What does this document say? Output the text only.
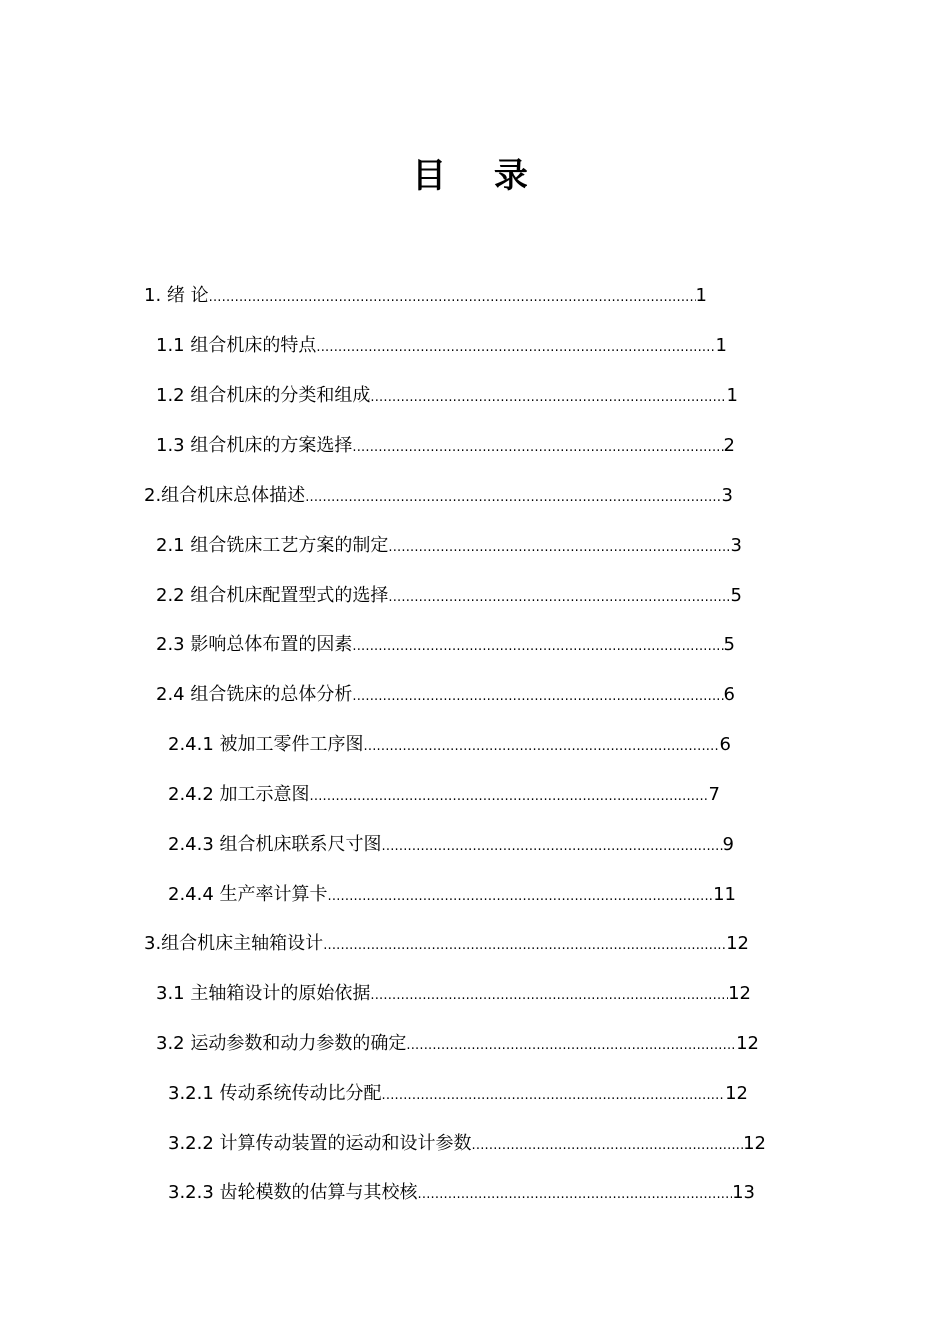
目 录
1. 绪 论 .....	1
1.1 组合机床的特点 .....	1
1.2 组合机床的分类和组成 .....	1
1.3 组合机床的方案选择 .....	2
2.组合机床总体描述 .....	3
2.1 组合铣床工艺方案的制定 .....	3
2.2 组合机床配置型式的选择 .....	5
2.3 影响总体布置的因素 .....	5
2.4 组合铣床的总体分析 .....	6
2.4.1 被加工零件工序图 .....	6
2.4.2 加工示意图 .....	7
2.4.3 组合机床联系尺寸图 .....	9
2.4.4 生产率计算卡 .....	11
3.组合机床主轴箱设计 .....	12
3.1 主轴箱设计的原始依据 .....	12
3.2 运动参数和动力参数的确定 .....	12
3.2.1 传动系统传动比分配 .....	12
3.2.2 计算传动装置的运动和设计参数 .....	12
3.2.3 齿轮模数的估算与其校核 .....	13
